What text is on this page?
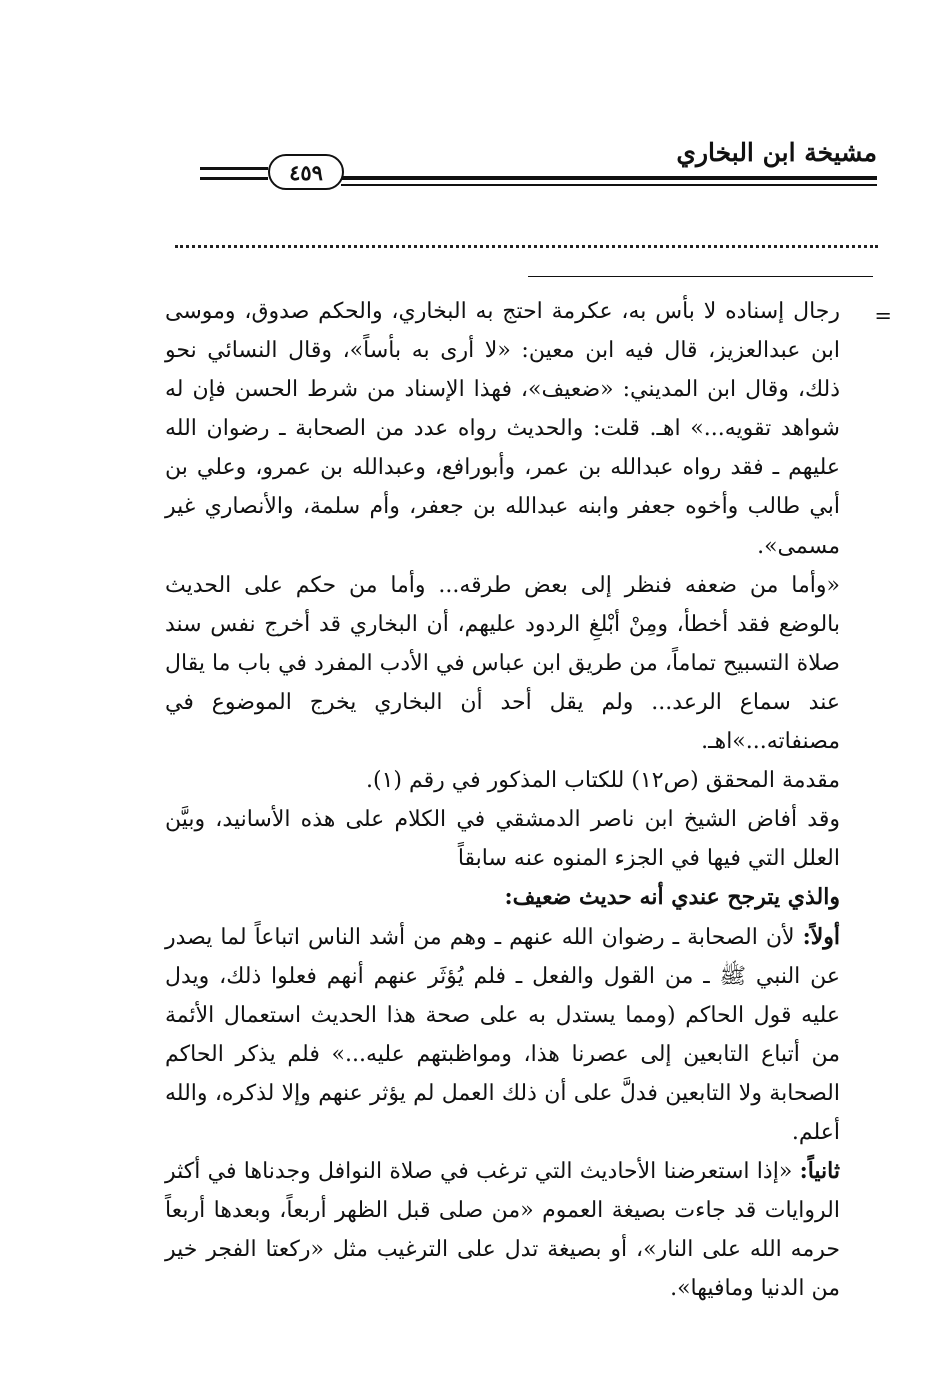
مشيخة ابن البخاري
٤٥٩
=

رجال إسناده لا بأس به، عكرمة احتج به البخاري، والحكم صدوق، وموسى ابن عبدالعزيز، قال فيه ابن معين: «لا أرى به بأساً»، وقال النسائي نحو ذلك، وقال ابن المديني: «ضعيف»، فهذا الإسناد من شرط الحسن فإن له شواهد تقويه...» اهـ. قلت: والحديث رواه عدد من الصحابة ـ رضوان الله عليهم ـ فقد رواه عبدالله بن عمر، وأبورافع، وعبدالله بن عمرو، وعلي بن أبي طالب وأخوه جعفر وابنه عبدالله بن جعفر، وأم سلمة، والأنصاري غير مسمى».

«وأما من ضعفه فنظر إلى بعض طرقه... وأما من حكم على الحديث بالوضع فقد أخطأ، ومِنْ أبْلغِ الردود عليهم، أن البخاري قد أخرج نفس سند صلاة التسبيح تماماً، من طريق ابن عباس في الأدب المفرد في باب ما يقال عند سماع الرعد... ولم يقل أحد أن البخاري يخرج الموضوع في مصنفاته...»اهـ.

مقدمة المحقق (ص١٢) للكتاب المذكور في رقم (١).

وقد أفاض الشيخ ابن ناصر الدمشقي في الكلام على هذه الأسانيد، وبيَّن العلل التي فيها في الجزء المنوه عنه سابقاً

والذي يترجح عندي أنه حديث ضعيف:

أولاً: لأن الصحابة ـ رضوان الله عنهم ـ وهم من أشد الناس اتباعاً لما يصدر عن النبي ﷺ ـ من القول والفعل ـ فلم يُؤثَر عنهم أنهم فعلوا ذلك، ويدل عليه قول الحاكم (ومما يستدل به على صحة هذا الحديث استعمال الأئمة من أتباع التابعين إلى عصرنا هذا، ومواظبتهم عليه...» فلم يذكر الحاكم الصحابة ولا التابعين فدلَّ على أن ذلك العمل لم يؤثر عنهم وإلا لذكره، والله أعلم.

ثانياً: «إذا استعرضنا الأحاديث التي ترغب في صلاة النوافل وجدناها في أكثر الروايات قد جاءت بصيغة العموم «من صلى قبل الظهر أربعاً، وبعدها أربعاً حرمه الله على النار»، أو بصيغة تدل على الترغيب مثل «ركعتا الفجر خير من الدنيا ومافيها».
